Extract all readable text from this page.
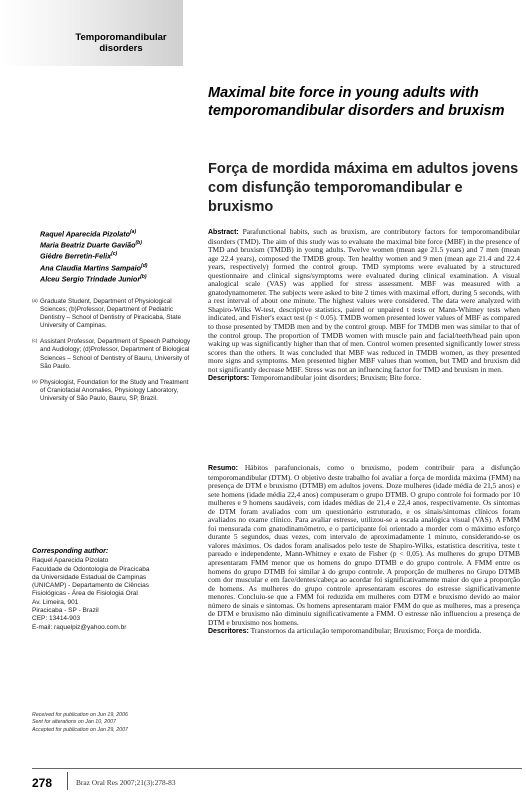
Temporomandibular
disorders
Maximal bite force in young adults with temporomandibular disorders and bruxism
Força de mordida máxima em adultos jovens com disfunção temporomandibular e bruxismo
Raquel Aparecida Pizolato$^{(a)}$
Maria Beatriz Duarte Gavião$^{(b)}$
Giédre Berretin-Felix$^{(c)}$
Ana Claudia Martins Sampaio$^{(d)}$
Alceu Sergio Trindade Junior$^{(b)}$
(a) Graduate Student, Department of Physiological Sciences; (b)Professor, Department of Pediatric Dentistry – School of Dentistry of Piracicaba, State University of Campinas.
(c) Assistant Professor, Department of Speech Pathology and Audiology; (d)Professor, Department of Biological Sciences – School of Dentistry of Bauru, University of São Paulo.
(e) Physiologist, Foundation for the Study and Treatment of Craniofacial Anomalies, Physiology Laboratory, University of São Paulo, Bauru, SP, Brazil.
Corresponding author:
Raquel Aparecida Pizolato
Faculdade de Odontologia de Piracicaba
da Universidade Estadual de Campinas
(UNICAMP) - Departamento de Ciências
Fisiológicas - Área de Fisiologia Oral
Av. Limeira, 901
Piracicaba - SP - Brazil
CEP: 13414-903
E-mail: raquelpiz@yahoo.com.br
Received for publication on Jun 19, 2006
Sent for alterations on Jan 10, 2007
Accepted for publication on Jan 29, 2007
Abstract: Parafunctional habits, such as bruxism, are contributory factors for temporomandibular disorders (TMD). The aim of this study was to evaluate the maximal bite force (MBF) in the presence of TMD and bruxism (TMDB) in young adults. Twelve women (mean age 21.5 years) and 7 men (mean age 22.4 years), composed the TMDB group. Ten healthy women and 9 men (mean age 21.4 and 22.4 years, respectively) formed the control group. TMD symptoms were evaluated by a structured questionnaire and clinical signs/symptoms were evaluated during clinical examination. A visual analogical scale (VAS) was applied for stress assessment. MBF was measured with a gnatodynamometer. The subjects were asked to bite 2 times with maximal effort, during 5 seconds, with a rest interval of about one minute. The highest values were considered. The data were analyzed with Shapiro-Wilks W-test, descriptive statistics, paired or unpaired t tests or Mann-Whitney tests when indicated, and Fisher's exact test (p < 0.05). TMDB women presented lower values of MBF as compared to those presented by TMDB men and by the control group. MBF for TMDB men was similar to that of the control group. The proportion of TMDB women with muscle pain and facial/teeth/head pain upon waking up was significantly higher than that of men. Control women presented significantly lower stress scores than the others. It was concluded that MBF was reduced in TMDB women, as they presented more signs and symptoms. Men presented higher MBF values than women, but TMD and bruxism did not significantly decrease MBF. Stress was not an influencing factor for TMD and bruxism in men.
Descriptors: Temporomandibular joint disorders; Bruxism; Bite force.
Resumo: Hábitos parafuncionais, como o bruxismo, podem contribuir para a disfunção temporomandibular (DTM). O objetivo deste trabalho foi avaliar a força de mordida máxima (FMM) na presença de DTM e bruxismo (DTMB) em adultos jovens. Doze mulheres (idade média de 21,5 anos) e sete homens (idade média 22,4 anos) compuseram o grupo DTMB. O grupo controle foi formado por 10 mulheres e 9 homens saudáveis, com idades médias de 21,4 e 22,4 anos, respectivamente. Os sintomas de DTM foram avaliados com um questionário estruturado, e os sinais/sintomas clínicos foram avaliados no exame clínico. Para avaliar estresse, utilizou-se a escala analógica visual (VAS). A FMM foi mensurada com gnatodinamômetro, e o participante foi orientado a morder com o máximo esforço durante 5 segundos, duas vezes, com intervalo de aproximadamente 1 minuto, considerando-se os valores máximos. Os dados foram analisados pelo teste de Shapiro-Wilks, estatística descritiva, teste t pareado e independente, Mann-Whitney e exato de Fisher (p < 0,05). As mulheres do grupo DTMB apresentaram FMM menor que os homens do grupo DTMB e do grupo controle. A FMM entre os homens do grupo DTMB foi similar à do grupo controle. A proporção de mulheres no Grupo DTMB com dor muscular e em face/dentes/cabeça ao acordar foi significativamente maior do que a proporção de homens. As mulheres do grupo controle apresentaram escores do estresse significativamente menores. Concluiu-se que a FMM foi reduzida em mulheres com DTM e bruxismo devido ao maior número de sinais e sintomas. Os homens apresentaram maior FMM do que as mulheres, mas a presença de DTM e bruxismo não diminuiu significativamente a FMM. O estresse não influenciou a presença de DTM e bruxismo nos homens.
Descritores: Transtornos da articulação temporomandibular; Bruxismo; Força de mordida.
278	Braz Oral Res 2007;21(3):278-83
